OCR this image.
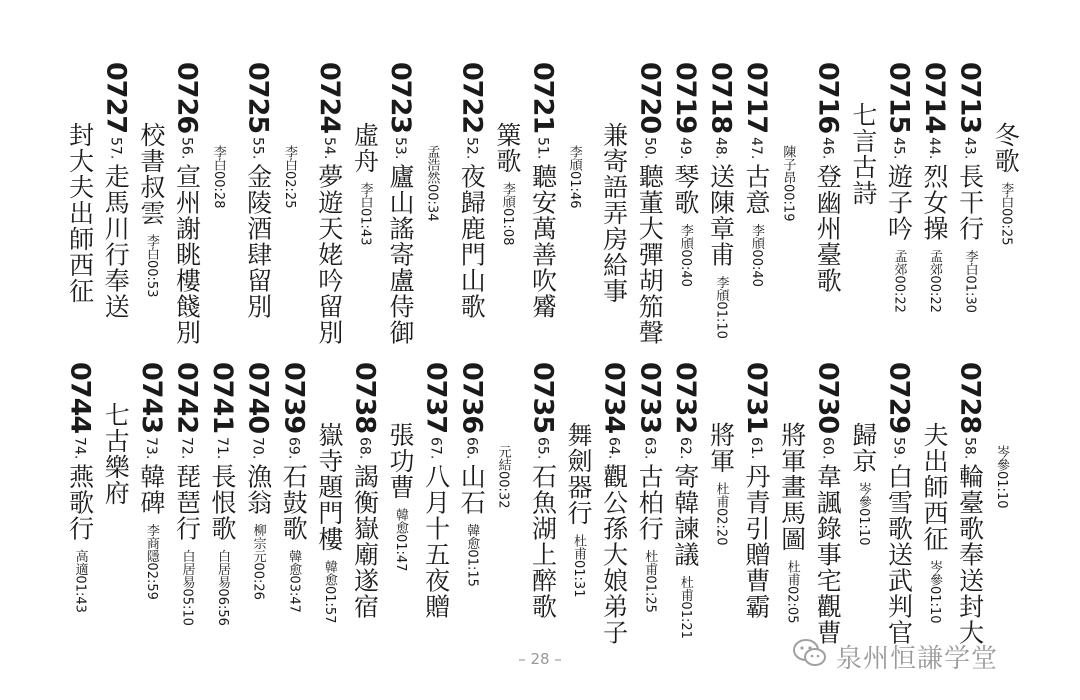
冬歌李白00:25
071343.長干行李白01:30
071444.烈女操孟郊00:22
071545.遊子吟孟郊00:22
七言古詩
071646.登幽州臺歌
陳子昂00:19
071747.古意李頎00:40
071848.送陳章甫李頎01:10
071949.琴歌李頎00:40
072050.聽董大彈胡笳聲
兼寄語弄房給事
李頎01:46
072151.聽安萬善吹觱
篥歌李頎01:08
072252.夜歸鹿門山歌
孟浩然00:34
072353.廬山謠寄盧侍御
虛舟李白01:43
072454.夢遊天姥吟留別
李白02:25
072555.金陵酒肆留別
李白00:28
072656.宣州謝眺樓餞別
校書叔雲李白00:53
072757.走馬川行奉送
封大夫出師西征
岑參01:10
072858.輪臺歌奉送封大
夫出師西征岑參01:10
072959.白雪歌送武判官
歸京岑參01:10
073060.韋諷錄事宅觀曹
將軍畫馬圖杜甫02:05
073161.丹青引贈曹霸
將軍杜甫02:20
073262.寄韓諫議杜甫01:21
073363.古柏行杜甫01:25
073464.觀公孫大娘弟子
舞劍器行杜甫01:31
073565.石魚湖上醉歌
元結00:32
073666.山石韓愈01:15
073767.八月十五夜贈
張功曹韓愈01:47
073868.謁衡嶽廟遂宿
嶽寺題門樓韓愈01:57
073969.石鼓歌韓愈03:47
074070.漁翁柳宗元00:26
074171.長恨歌白居易06:56
074272.琵琶行白居易05:10
074373.韓碑李商隱02:59
七古樂府
074474.燕歌行高適01:43
– 28 –	泉州恒謙学堂
